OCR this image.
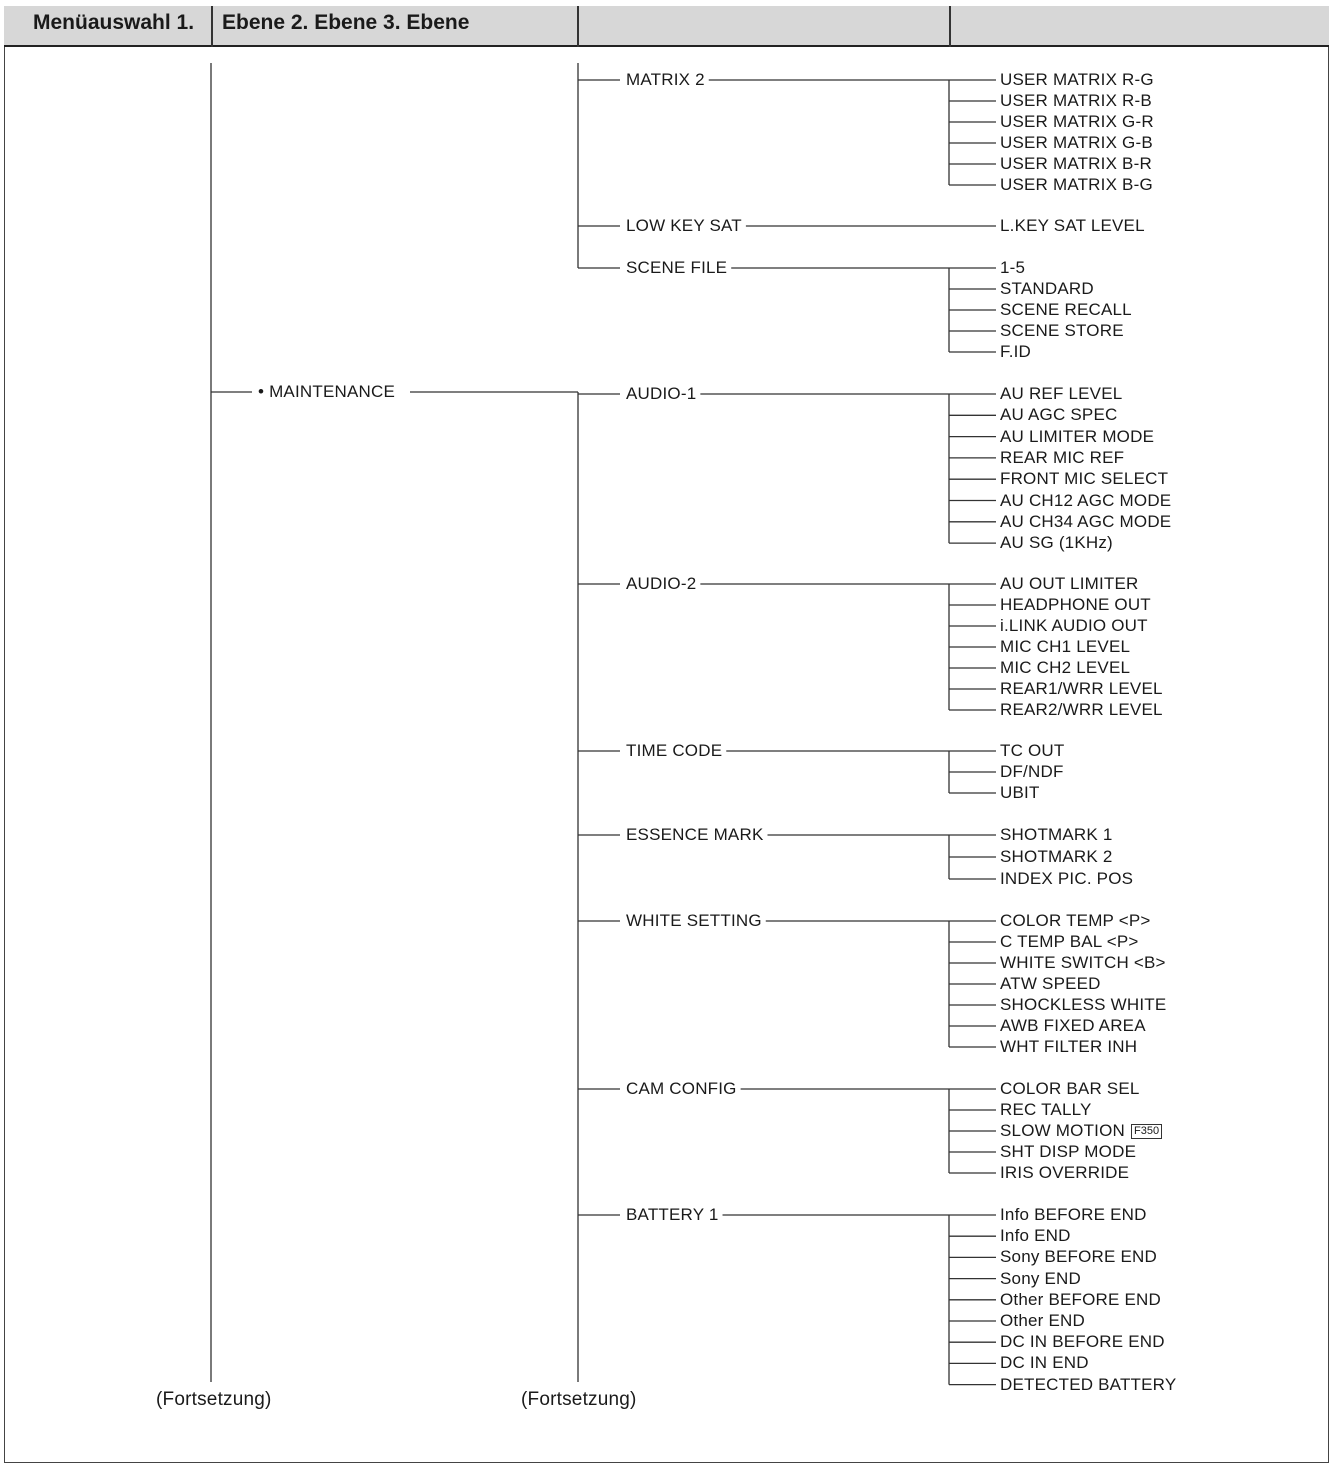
Menüauswahl 1. Ebene 2. Ebene 3. Ebene
• MAINTENANCE
MATRIX 2	USER MATRIX R-G
USER MATRIX R-B
USER MATRIX G-R
USER MATRIX G-B
USER MATRIX B-R
USER MATRIX B-G
LOW KEY SAT	L.KEY SAT LEVEL
SCENE FILE	1-5
STANDARD
SCENE RECALL
SCENE STORE
F.ID
AUDIO-1	AU REF LEVEL
AU AGC SPEC
AU LIMITER MODE
REAR MIC REF
FRONT MIC SELECT
AU CH12 AGC MODE
AU CH34 AGC MODE
AU SG (1KHz)
AUDIO-2	AU OUT LIMITER
HEADPHONE OUT
i.LINK AUDIO OUT
MIC CH1 LEVEL
MIC CH2 LEVEL
REAR1/WRR LEVEL
REAR2/WRR LEVEL
TIME CODE	TC OUT
DF/NDF
UBIT
ESSENCE MARK	SHOTMARK 1
SHOTMARK 2
INDEX PIC. POS
WHITE SETTING	COLOR TEMP <P>
C TEMP BAL <P>
WHITE SWITCH <B>
ATW SPEED
SHOCKLESS WHITE
AWB FIXED AREA
WHT FILTER INH
CAM CONFIG	COLOR BAR SEL
REC TALLY
SLOW MOTION F350
SHT DISP MODE
IRIS OVERRIDE
BATTERY 1	Info BEFORE END
Info END
Sony BEFORE END
Sony END
Other BEFORE END
Other END
DC IN BEFORE END
DC IN END
DETECTED BATTERY
(Fortsetzung)	(Fortsetzung)
